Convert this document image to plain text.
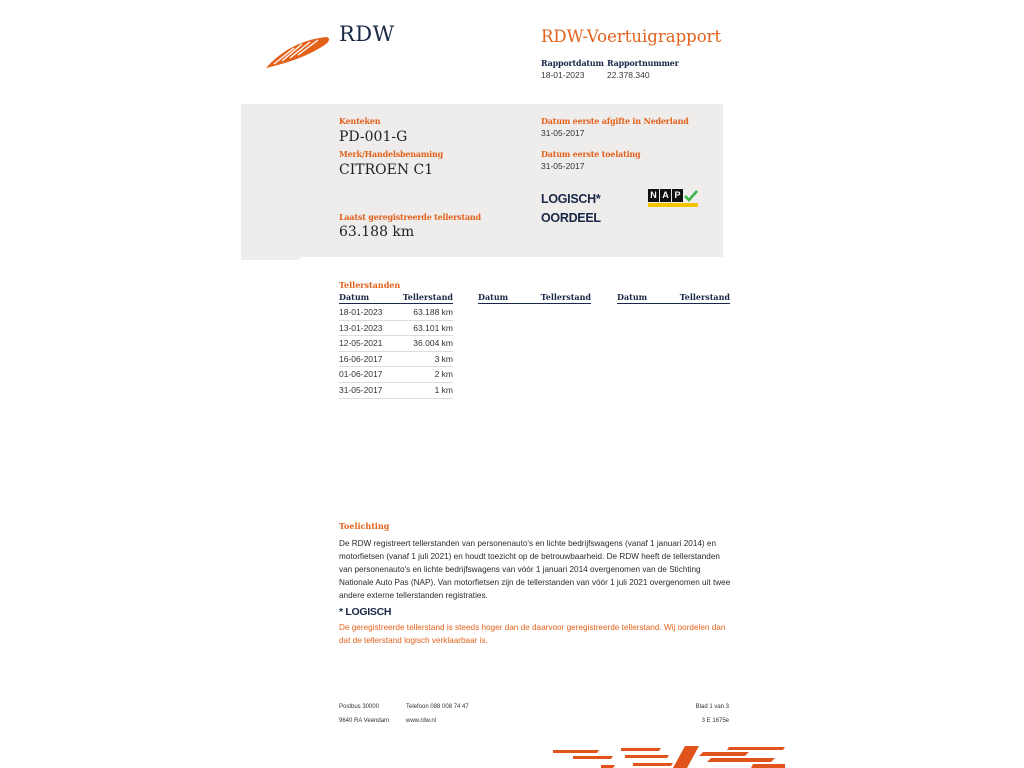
RDW	RDW-Voertuigrapport
Rapportdatum
18-01-2023
Rapportnummer
22.378.340
Kenteken
PD-001-G
Merk/Handelsbenaming
CITROEN C1
Laatst geregistreerde tellerstand
63.188 km
Datum eerste afgifte in Nederland
31-05-2017
Datum eerste toelating
31-05-2017
LOGISCH*
OORDEEL
N A P
Tellerstanden
Datum	Tellerstand
18-01-2023	63.188 km
13-01-2023	63.101 km
12-05-2021	36.004 km
16-06-2017	3 km
01-06-2017	2 km
31-05-2017	1 km
Datum	Tellerstand	Datum	Tellerstand
Toelichting
De RDW registreert tellerstanden van personenauto's en lichte bedrijfswagens (vanaf 1 januari 2014) en motorfietsen (vanaf 1 juli 2021) en houdt toezicht op de betrouwbaarheid. De RDW heeft de tellerstanden van personenauto's en lichte bedrijfswagens van vóór 1 januari 2014 overgenomen van de Stichting Nationale Auto Pas (NAP). Van motorfietsen zijn de tellerstanden van vóór 1 juli 2021 overgenomen uit twee andere externe tellerstanden registraties.
* LOGISCH
De geregistreerde tellerstand is steeds hoger dan de daarvoor geregistreerde tellerstand. Wij oordelen dan dat de tellerstand logisch verklaarbaar is.
Postbus 30000
9640 RA Veendam
Telefoon 088 008 74 47
www.rdw.nl
Blad 1 van 3
3 E 1675e
